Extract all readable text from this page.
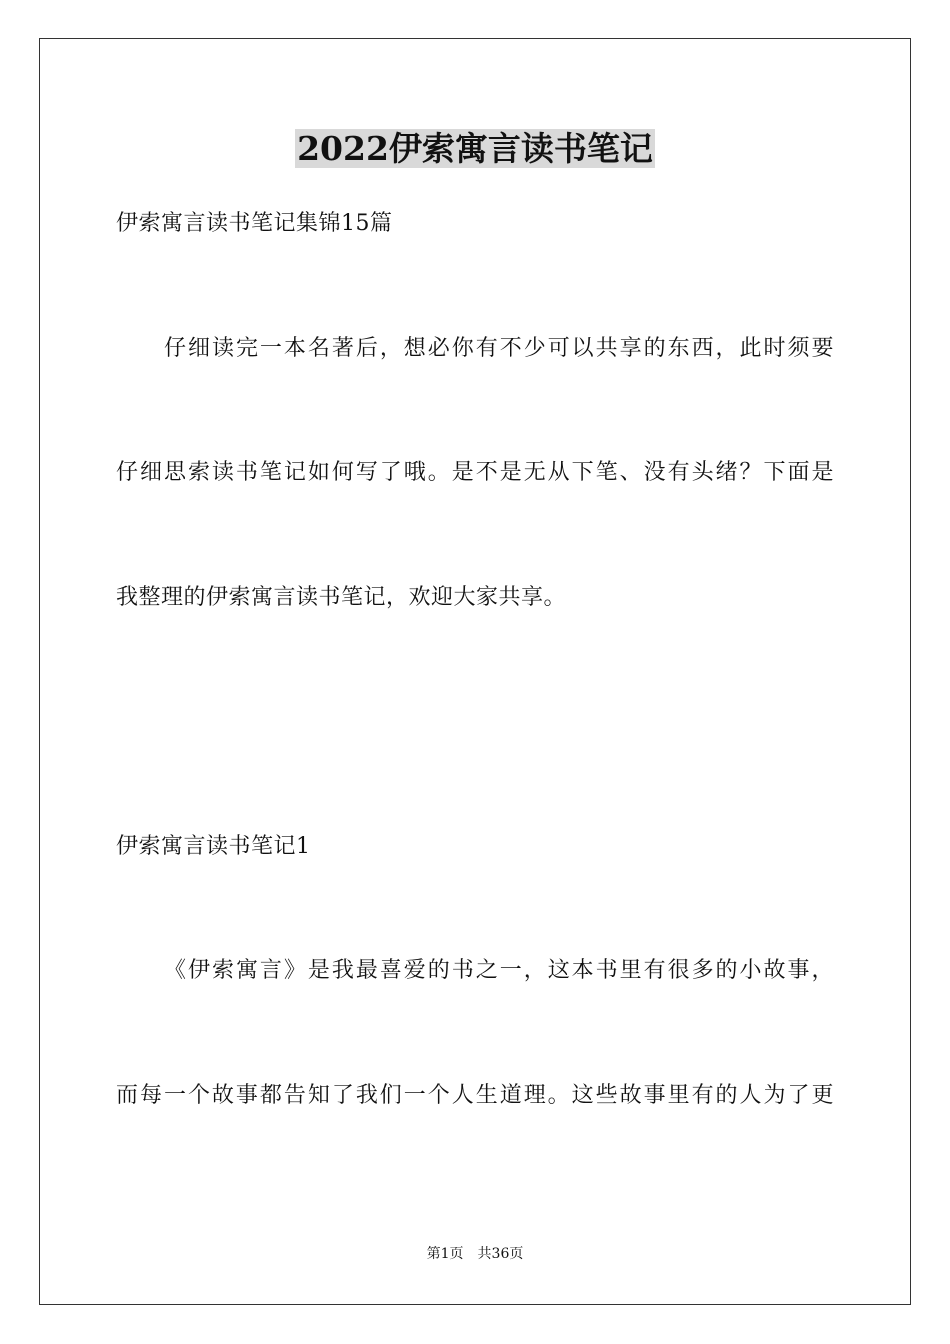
2022伊索寓言读书笔记
伊索寓言读书笔记集锦15篇
仔细读完一本名著后，想必你有不少可以共享的东西，此时须要
仔细思索读书笔记如何写了哦。是不是无从下笔、没有头绪？下面是
我整理的伊索寓言读书笔记，欢迎大家共享。
伊索寓言读书笔记1
《伊索寓言》是我最喜爱的书之一，这本书里有很多的小故事，
而每一个故事都告知了我们一个人生道理。这些故事里有的人为了更
第1页　共36页
